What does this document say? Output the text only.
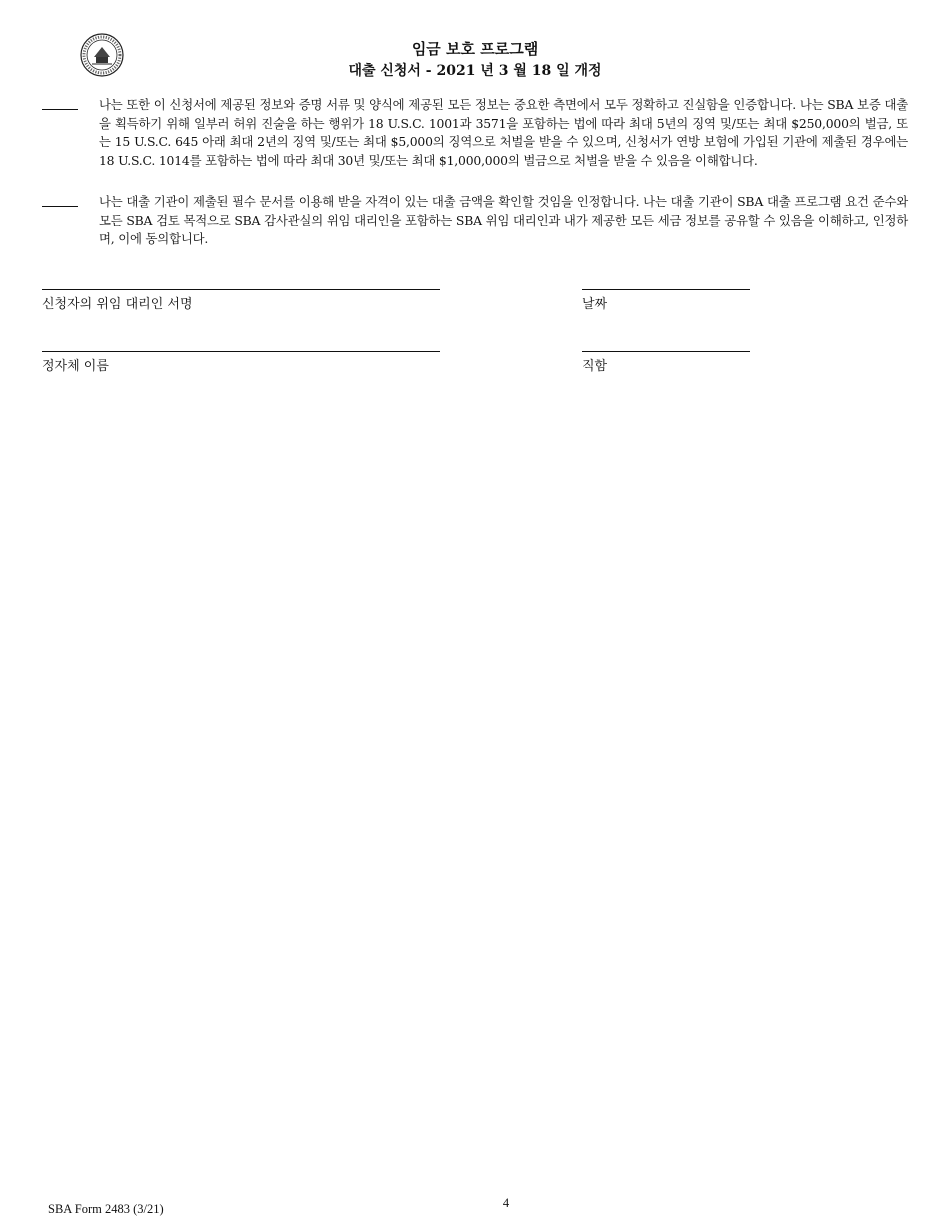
임금 보호 프로그램
대출 신청서 - 2021 년 3 월 18 일 개정
나는 또한 이 신청서에 제공된 정보와 증명 서류 및 양식에 제공된 모든 정보는 중요한 측면에서 모두 정확하고 진실함을 인증합니다. 나는 SBA 보증 대출을 획득하기 위해 일부러 허위 진술을 하는 행위가 18 U.S.C. 1001과 3571을 포함하는 법에 따라 최대 5년의 징역 및/또는 최대 $250,000의 벌금, 또는 15 U.S.C. 645 아래 최대 2년의 징역 및/또는 최대 $5,000의 징역으로 처벌을 받을 수 있으며, 신청서가 연방 보험에 가입된 기관에 제출된 경우에는 18 U.S.C. 1014를 포함하는 법에 따라 최대 30년 및/또는 최대 $1,000,000의 벌금으로 처벌을 받을 수 있음을 이해합니다.
나는 대출 기관이 제출된 필수 문서를 이용해 받을 자격이 있는 대출 금액을 확인할 것임을 인정합니다. 나는 대출 기관이 SBA 대출 프로그램 요건 준수와 모든 SBA 검토 목적으로 SBA 감사관실의 위임 대리인을 포함하는 SBA 위임 대리인과 내가 제공한 모든 세금 정보를 공유할 수 있음을 이해하고, 인정하며, 이에 동의합니다.
신청자의 위임 대리인 서명	날짜
정자체 이름	직함
SBA Form 2483 (3/21)	4
